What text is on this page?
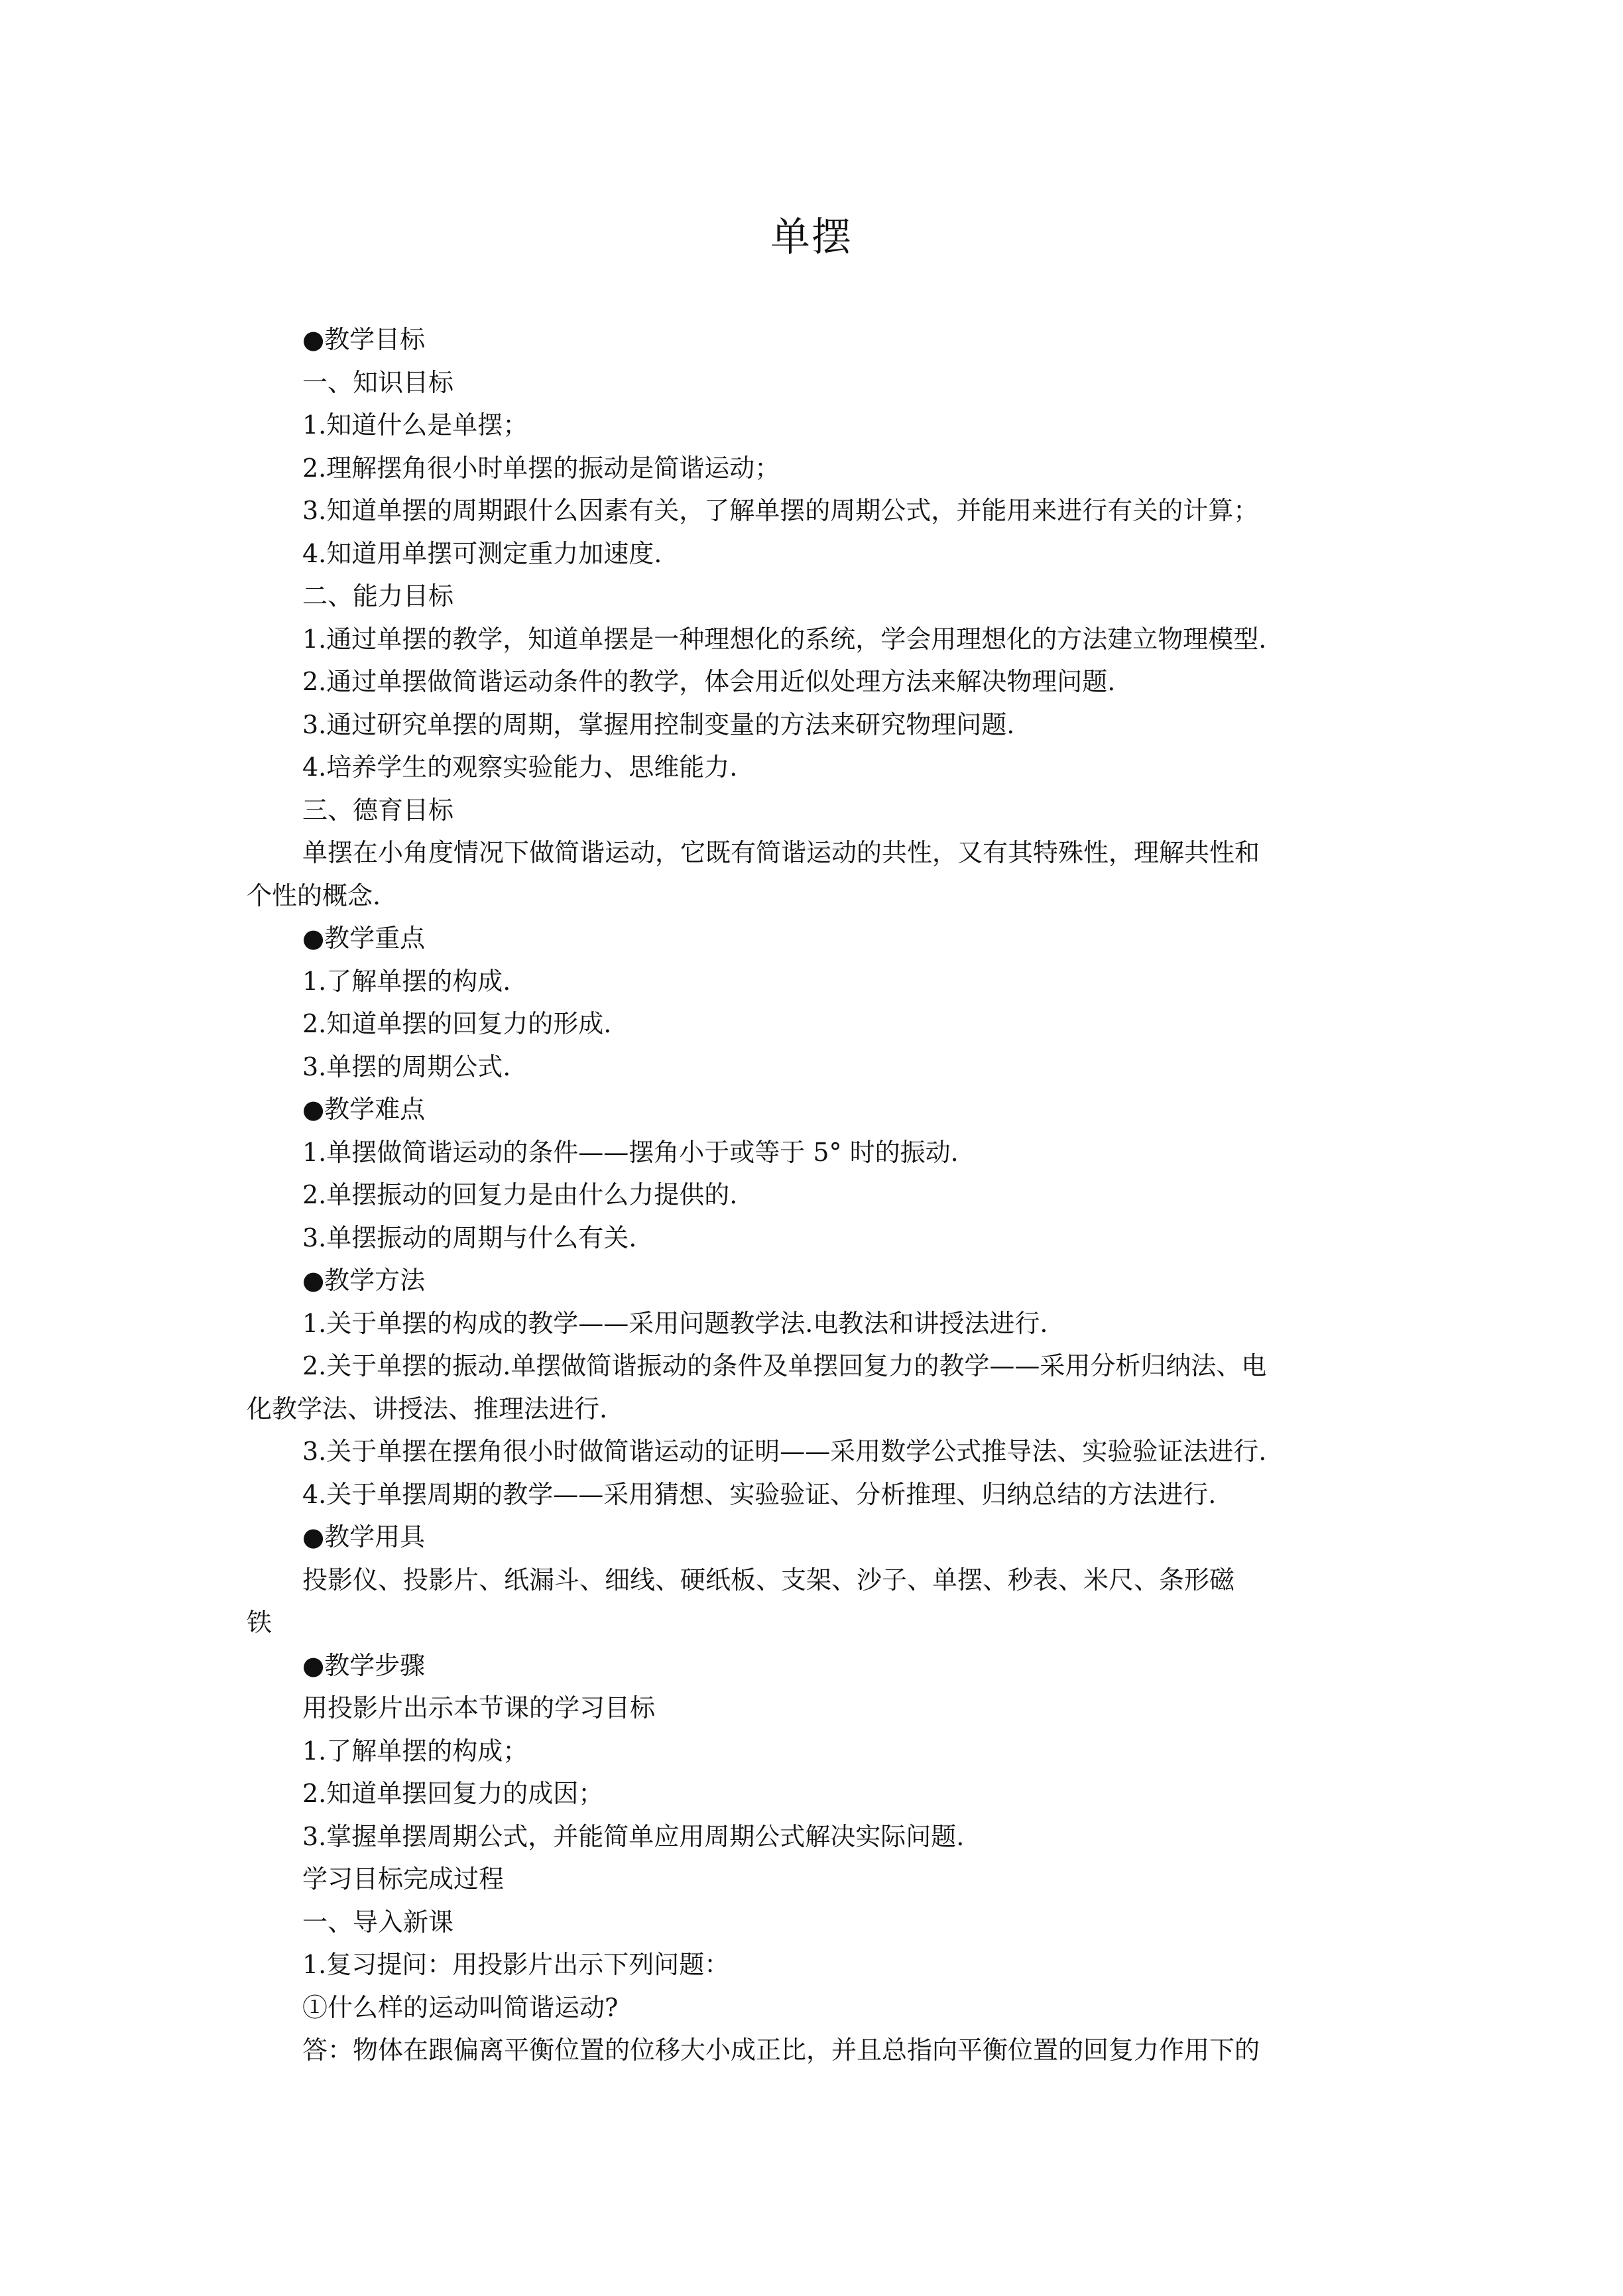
单摆
●教学目标
一、知识目标
1.知道什么是单摆；
2.理解摆角很小时单摆的振动是简谐运动；
3.知道单摆的周期跟什么因素有关，了解单摆的周期公式，并能用来进行有关的计算；
4.知道用单摆可测定重力加速度.
二、能力目标
1.通过单摆的教学，知道单摆是一种理想化的系统，学会用理想化的方法建立物理模型.
2.通过单摆做简谐运动条件的教学，体会用近似处理方法来解决物理问题.
3.通过研究单摆的周期，掌握用控制变量的方法来研究物理问题.
4.培养学生的观察实验能力、思维能力.
三、德育目标
单摆在小角度情况下做简谐运动，它既有简谐运动的共性，又有其特殊性，理解共性和
个性的概念.
●教学重点
1.了解单摆的构成.
2.知道单摆的回复力的形成.
3.单摆的周期公式.
●教学难点
1.单摆做简谐运动的条件——摆角小于或等于 5° 时的振动.
2.单摆振动的回复力是由什么力提供的.
3.单摆振动的周期与什么有关.
●教学方法
1.关于单摆的构成的教学——采用问题教学法.电教法和讲授法进行.
2.关于单摆的振动.单摆做简谐振动的条件及单摆回复力的教学——采用分析归纳法、电
化教学法、讲授法、推理法进行.
3.关于单摆在摆角很小时做简谐运动的证明——采用数学公式推导法、实验验证法进行.
4.关于单摆周期的教学——采用猜想、实验验证、分析推理、归纳总结的方法进行.
●教学用具
投影仪、投影片、纸漏斗、细线、硬纸板、支架、沙子、单摆、秒表、米尺、条形磁
铁
●教学步骤
用投影片出示本节课的学习目标
1.了解单摆的构成；
2.知道单摆回复力的成因；
3.掌握单摆周期公式，并能简单应用周期公式解决实际问题.
学习目标完成过程
一、导入新课
1.复习提问：用投影片出示下列问题：
①什么样的运动叫简谐运动?
答：物体在跟偏离平衡位置的位移大小成正比，并且总指向平衡位置的回复力作用下的
